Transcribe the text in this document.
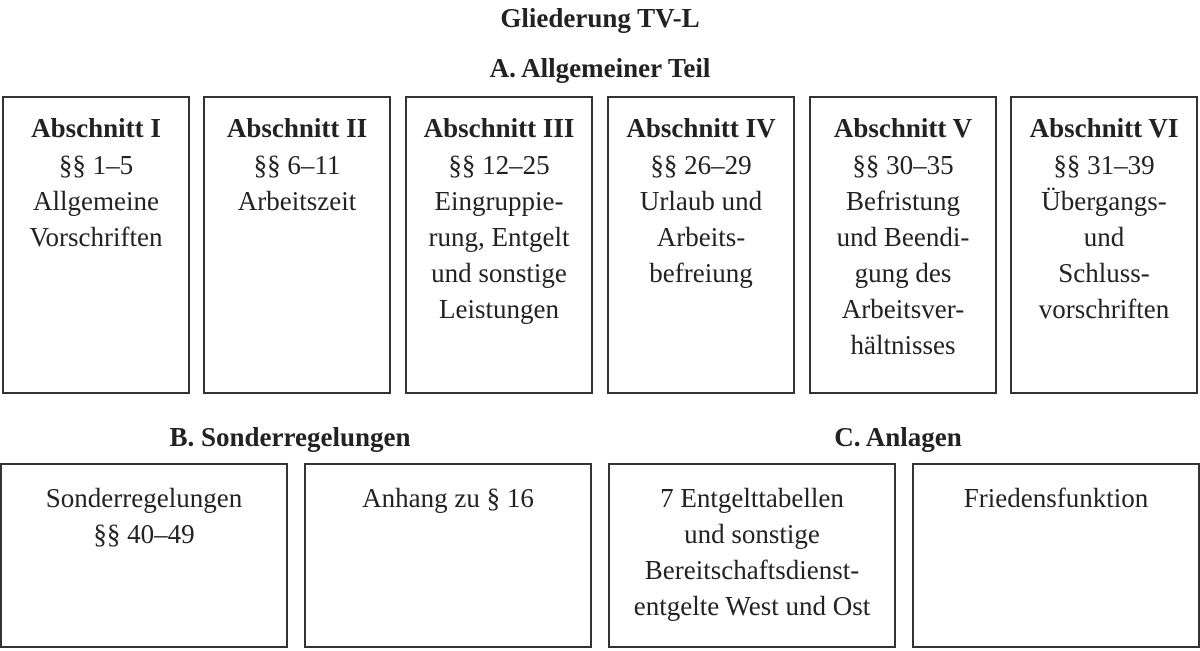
Gliederung TV-L
A. Allgemeiner Teil
Abschnitt I
§§ 1–5
Allgemeine
Vorschriften
Abschnitt II
§§ 6–11
Arbeitszeit
Abschnitt III
§§ 12–25
Eingruppie-
rung, Entgelt
und sonstige
Leistungen
Abschnitt IV
§§ 26–29
Urlaub und
Arbeits-
befreiung
Abschnitt V
§§ 30–35
Befristung
und Beendi-
gung des
Arbeitsver-
hältnisses
Abschnitt VI
§§ 31–39
Übergangs-
und
Schluss-
vorschriften
B. Sonderregelungen	C. Anlagen
Sonderregelungen
§§ 40–49
Anhang zu § 16	7 Entgelttabellen
und sonstige
Bereitschaftsdienst-
entgelte West und Ost
Friedensfunktion
